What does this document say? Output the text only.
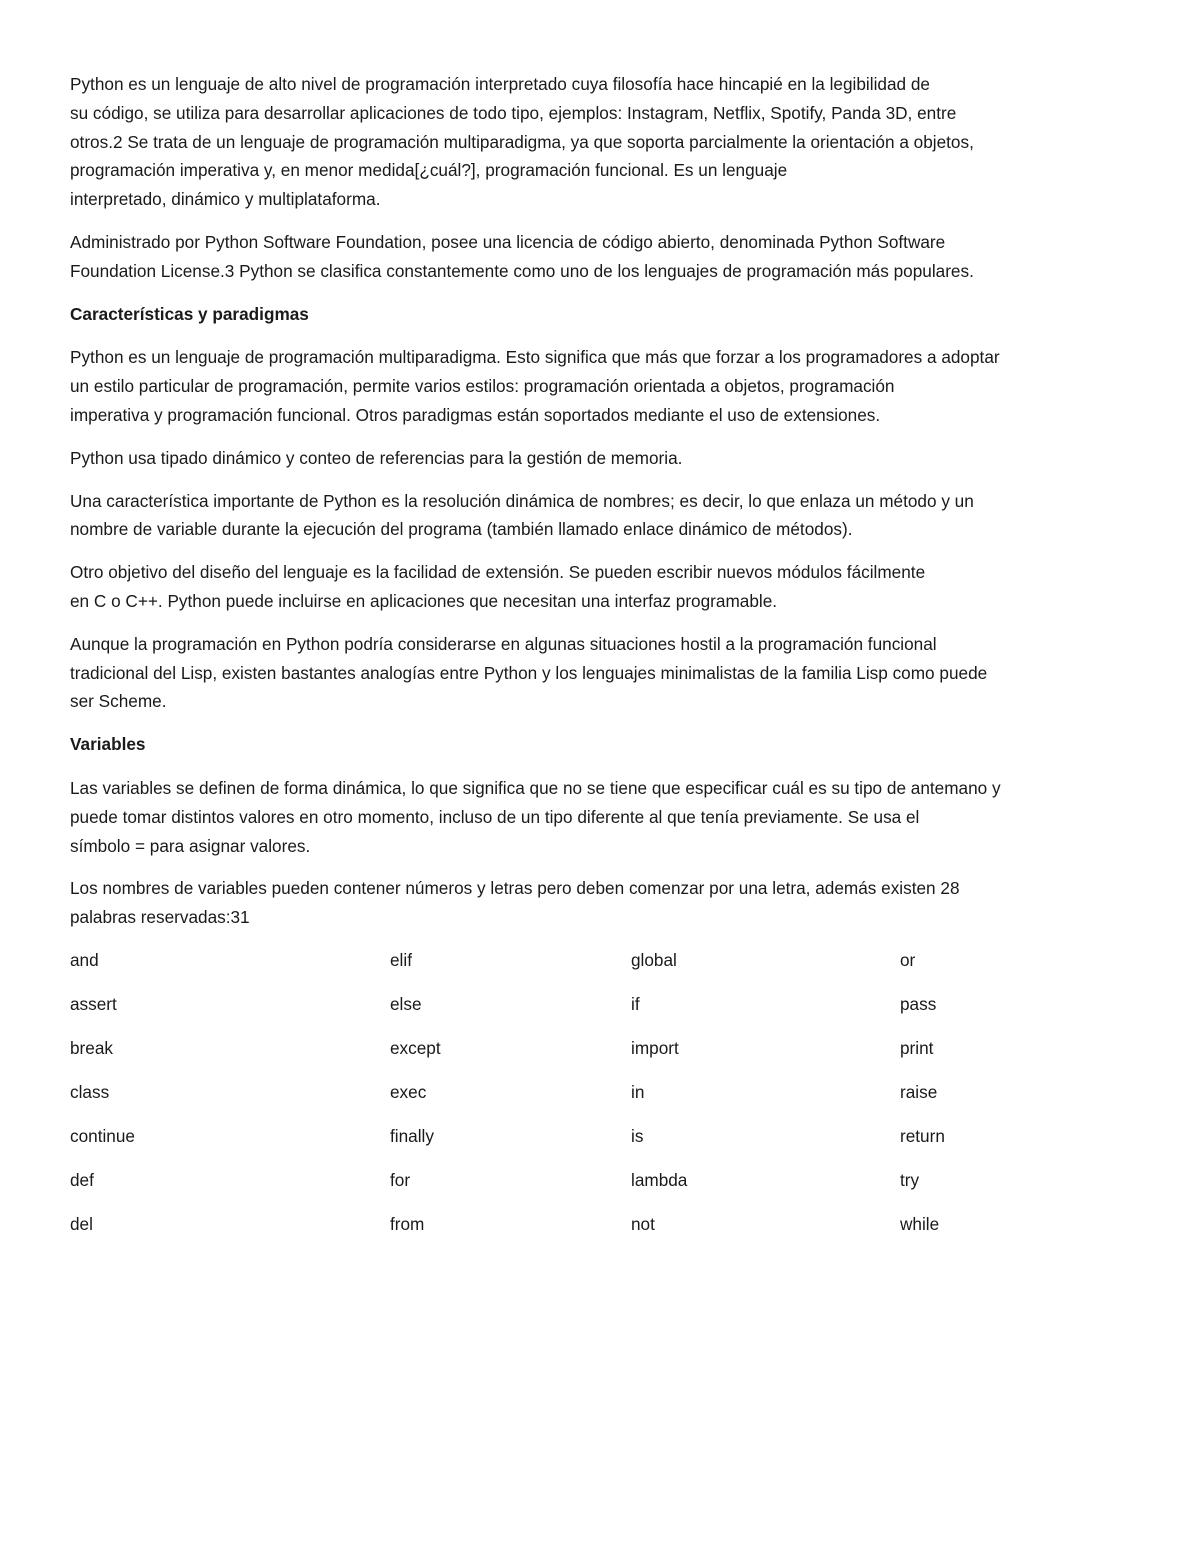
Python es un lenguaje de alto nivel de programación interpretado cuya filosofía hace hincapié en la legibilidad de
su código, se utiliza para desarrollar aplicaciones de todo tipo, ejemplos: Instagram, Netflix, Spotify, Panda 3D, entre
otros.2 Se trata de un lenguaje de programación multiparadigma, ya que soporta parcialmente la orientación a objetos,
programación imperativa y, en menor medida[¿cuál?], programación funcional. Es un lenguaje
interpretado, dinámico y multiplataforma.

Administrado por Python Software Foundation, posee una licencia de código abierto, denominada Python Software
Foundation License.3 Python se clasifica constantemente como uno de los lenguajes de programación más populares.

Características y paradigmas

Python es un lenguaje de programación multiparadigma. Esto significa que más que forzar a los programadores a adoptar
un estilo particular de programación, permite varios estilos: programación orientada a objetos, programación
imperativa y programación funcional. Otros paradigmas están soportados mediante el uso de extensiones.

Python usa tipado dinámico y conteo de referencias para la gestión de memoria.

Una característica importante de Python es la resolución dinámica de nombres; es decir, lo que enlaza un método y un
nombre de variable durante la ejecución del programa (también llamado enlace dinámico de métodos).

Otro objetivo del diseño del lenguaje es la facilidad de extensión. Se pueden escribir nuevos módulos fácilmente
en C o C++. Python puede incluirse en aplicaciones que necesitan una interfaz programable.

Aunque la programación en Python podría considerarse en algunas situaciones hostil a la programación funcional
tradicional del Lisp, existen bastantes analogías entre Python y los lenguajes minimalistas de la familia Lisp como puede
ser Scheme.

Variables

Las variables se definen de forma dinámica, lo que significa que no se tiene que especificar cuál es su tipo de antemano y
puede tomar distintos valores en otro momento, incluso de un tipo diferente al que tenía previamente. Se usa el
símbolo = para asignar valores.

Los nombres de variables pueden contener números y letras pero deben comenzar por una letra, además existen 28
palabras reservadas:31

and	elif	global	or
assert	else	if	pass
break	except	import	print
class	exec	in	raise
continue	finally	is	return
def	for	lambda	try
del	from	not	while
